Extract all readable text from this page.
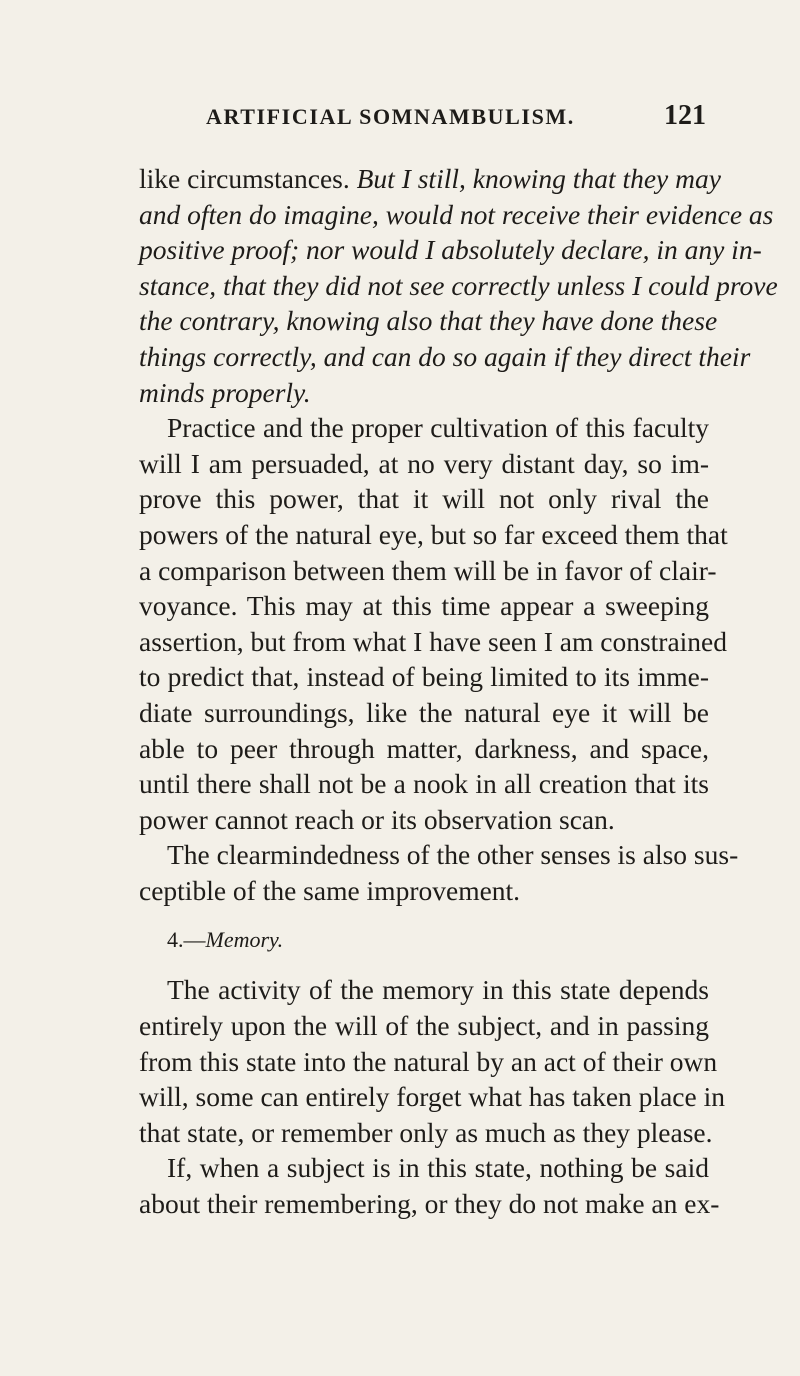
ARTIFICIAL SOMNAMBULISM.	121
like circumstances. But I still, knowing that they may
and often do imagine, would not receive their evidence as
positive proof; nor would I absolutely declare, in any in-
stance, that they did not see correctly unless I could prove
the contrary, knowing also that they have done these
things correctly, and can do so again if they direct their
minds properly.
Practice and the proper cultivation of this faculty
will I am persuaded, at no very distant day, so im-
prove this power, that it will not only rival the
powers of the natural eye, but so far exceed them that
a comparison between them will be in favor of clair-
voyance. This may at this time appear a sweeping
assertion, but from what I have seen I am constrained
to predict that, instead of being limited to its imme-
diate surroundings, like the natural eye it will be
able to peer through matter, darkness, and space,
until there shall not be a nook in all creation that its
power cannot reach or its observation scan.
The clearmindedness of the other senses is also sus-
ceptible of the same improvement.
4.—Memory.
The activity of the memory in this state depends
entirely upon the will of the subject, and in passing
from this state into the natural by an act of their own
will, some can entirely forget what has taken place in
that state, or remember only as much as they please.
If, when a subject is in this state, nothing be said
about their remembering, or they do not make an ex-
